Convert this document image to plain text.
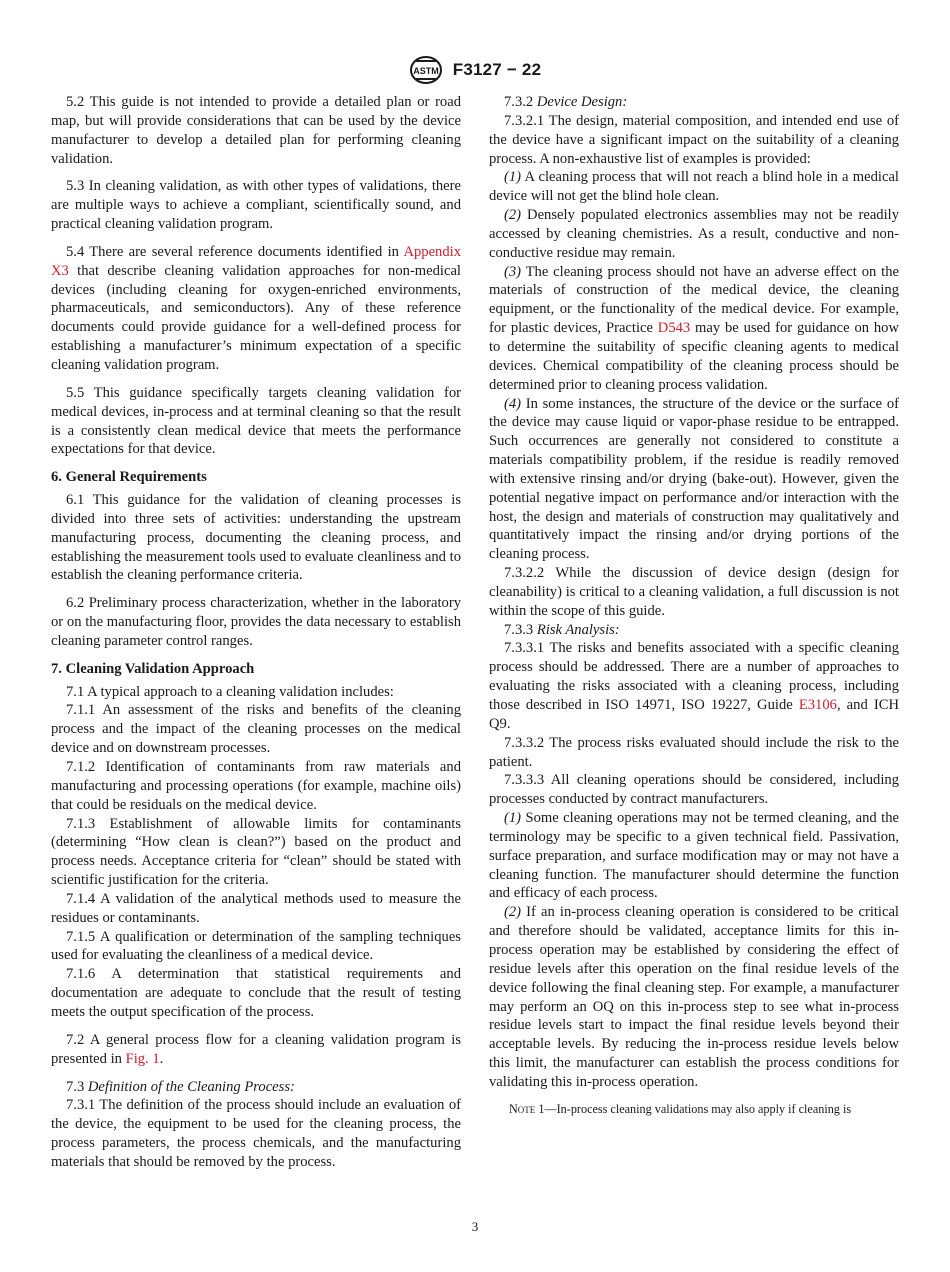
ASTM F3127 − 22

5.2 This guide is not intended to provide a detailed plan or road map, but will provide considerations that can be used by the device manufacturer to develop a detailed plan for performing cleaning validation.

5.3 In cleaning validation, as with other types of validations, there are multiple ways to achieve a compliant, scientifically sound, and practical cleaning validation program.

5.4 There are several reference documents identified in Appendix X3 that describe cleaning validation approaches for non-medical devices (including cleaning for oxygen-enriched environments, pharmaceuticals, and semiconductors). Any of these reference documents could provide guidance for a well-defined process for establishing a manufacturer’s minimum expectation of a specific cleaning validation program.

5.5 This guidance specifically targets cleaning validation for medical devices, in-process and at terminal cleaning so that the result is a consistently clean medical device that meets the performance expectations for that device.

6. General Requirements

6.1 This guidance for the validation of cleaning processes is divided into three sets of activities: understanding the upstream manufacturing process, documenting the cleaning process, and establishing the measurement tools used to evaluate cleanliness and to establish the cleaning performance criteria.

6.2 Preliminary process characterization, whether in the laboratory or on the manufacturing floor, provides the data necessary to establish cleaning parameter control ranges.

7. Cleaning Validation Approach

7.1 A typical approach to a cleaning validation includes:

7.1.1 An assessment of the risks and benefits of the cleaning process and the impact of the cleaning processes on the medical device and on downstream processes.

7.1.2 Identification of contaminants from raw materials and manufacturing and processing operations (for example, machine oils) that could be residuals on the medical device.

7.1.3 Establishment of allowable limits for contaminants (determining “How clean is clean?”) based on the product and process needs. Acceptance criteria for “clean” should be stated with scientific justification for the criteria.

7.1.4 A validation of the analytical methods used to measure the residues or contaminants.

7.1.5 A qualification or determination of the sampling techniques used for evaluating the cleanliness of a medical device.

7.1.6 A determination that statistical requirements and documentation are adequate to conclude that the result of testing meets the output specification of the process.

7.2 A general process flow for a cleaning validation program is presented in Fig. 1.

7.3 Definition of the Cleaning Process:

7.3.1 The definition of the process should include an evaluation of the device, the equipment to be used for the cleaning process, the process parameters, the process chemicals, and the manufacturing materials that should be removed by the process.

7.3.2 Device Design:

7.3.2.1 The design, material composition, and intended end use of the device have a significant impact on the suitability of a cleaning process. A non-exhaustive list of examples is provided:

(1) A cleaning process that will not reach a blind hole in a medical device will not get the blind hole clean.

(2) Densely populated electronics assemblies may not be readily accessed by cleaning chemistries. As a result, conductive and non-conductive residue may remain.

(3) The cleaning process should not have an adverse effect on the materials of construction of the medical device, the cleaning equipment, or the functionality of the medical device. For example, for plastic devices, Practice D543 may be used for guidance on how to determine the suitability of specific cleaning agents to medical devices. Chemical compatibility of the cleaning process should be determined prior to cleaning process validation.

(4) In some instances, the structure of the device or the surface of the device may cause liquid or vapor-phase residue to be entrapped. Such occurrences are generally not considered to constitute a materials compatibility problem, if the residue is readily removed with extensive rinsing and/or drying (bake-out). However, given the potential negative impact on performance and/or interaction with the host, the design and materials of construction may qualitatively and quantitatively impact the rinsing and/or drying portions of the cleaning process.

7.3.2.2 While the discussion of device design (design for cleanability) is critical to a cleaning validation, a full discussion is not within the scope of this guide.

7.3.3 Risk Analysis:

7.3.3.1 The risks and benefits associated with a specific cleaning process should be addressed. There are a number of approaches to evaluating the risks associated with a cleaning process, including those described in ISO 14971, ISO 19227, Guide E3106, and ICH Q9.

7.3.3.2 The process risks evaluated should include the risk to the patient.

7.3.3.3 All cleaning operations should be considered, including processes conducted by contract manufacturers.

(1) Some cleaning operations may not be termed cleaning, and the terminology may be specific to a given technical field. Passivation, surface preparation, and surface modification may or may not have a cleaning function. The manufacturer should determine the function and efficacy of each process.

(2) If an in-process cleaning operation is considered to be critical and therefore should be validated, acceptance limits for this in-process operation may be established by considering the effect of residue levels after this operation on the final residue levels of the device following the final cleaning step. For example, a manufacturer may perform an OQ on this in-process step to see what in-process residue levels start to impact the final residue levels beyond their acceptable levels. By reducing the in-process residue levels below this limit, the manufacturer can establish the process conditions for validating this in-process operation.

Note 1—In-process cleaning validations may also apply if cleaning is

3
